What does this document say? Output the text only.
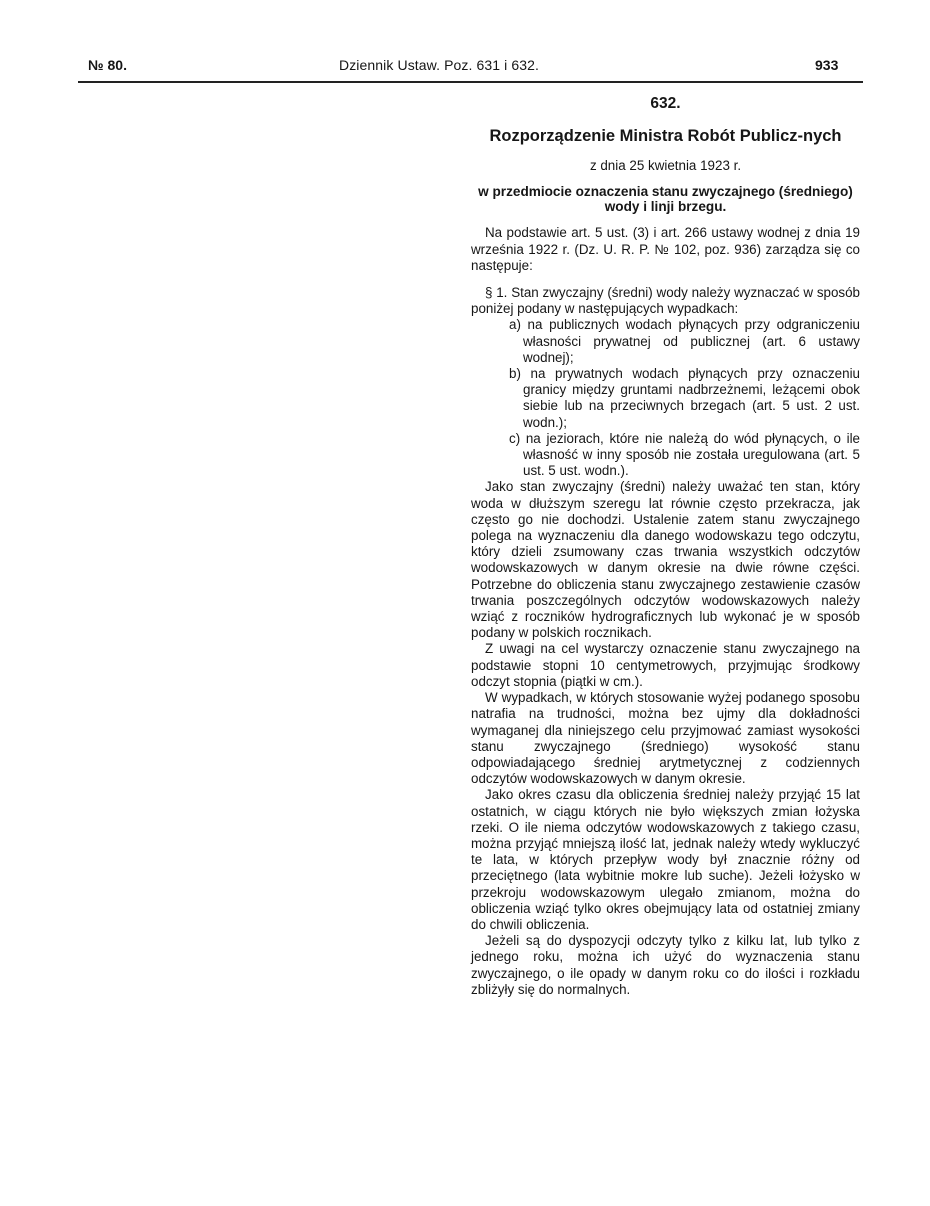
№ 80.	Dziennik Ustaw. Poz. 631 i 632.	933
632.
Rozporządzenie Ministra Robót Publicz-nych
z dnia 25 kwietnia 1923 r.
w przedmiocie oznaczenia stanu zwyczajnego (średniego) wody i linji brzegu.

Na podstawie art. 5 ust. (3) i art. 266 ustawy wodnej z dnia 19 września 1922 r. (Dz. U. R. P. № 102, poz. 936) zarządza się co następuje:

§ 1. Stan zwyczajny (średni) wody należy wyznaczać w sposób poniżej podany w następujących wypadkach:

a) na publicznych wodach płynących przy odgraniczeniu własności prywatnej od publicznej (art. 6 ustawy wodnej);

b) na prywatnych wodach płynących przy oznaczeniu granicy między gruntami nadbrzeżnemi, leżącemi obok siebie lub na przeciwnych brzegach (art. 5 ust. 2 ust. wodn.);

c) na jeziorach, które nie należą do wód płynących, o ile własność w inny sposób nie została uregulowana (art. 5 ust. 5 ust. wodn.).

Jako stan zwyczajny (średni) należy uważać ten stan, który woda w dłuższym szeregu lat równie często przekracza, jak często go nie dochodzi. Ustalenie zatem stanu zwyczajnego polega na wyznaczeniu dla danego wodowskazu tego odczytu, który dzieli zsumowany czas trwania wszystkich odczytów wodowskazowych w danym okresie na dwie równe części. Potrzebne do obliczenia stanu zwyczajnego zestawienie czasów trwania poszczególnych odczytów wodowskazowych należy wziąć z roczników hydrograficznych lub wykonać je w sposób podany w polskich rocznikach.

Z uwagi na cel wystarczy oznaczenie stanu zwyczajnego na podstawie stopni 10 centymetrowych, przyjmując środkowy odczyt stopnia (piątki w cm.).

W wypadkach, w których stosowanie wyżej podanego sposobu natrafia na trudności, można bez ujmy dla dokładności wymaganej dla niniejszego celu przyjmować zamiast wysokości stanu zwyczajnego (średniego) wysokość stanu odpowiadającego średniej arytmetycznej z codziennych odczytów wodowskazowych w danym okresie.

Jako okres czasu dla obliczenia średniej należy przyjąć 15 lat ostatnich, w ciągu których nie było większych zmian łożyska rzeki. O ile niema odczytów wodowskazowych z takiego czasu, można przyjąć mniejszą ilość lat, jednak należy wtedy wykluczyć te lata, w których przepływ wody był znacznie różny od przeciętnego (lata wybitnie mokre lub suche). Jeżeli łożysko w przekroju wodowskazowym ulegało zmianom, można do obliczenia wziąć tylko okres obejmujący lata od ostatniej zmiany do chwili obliczenia.

Jeżeli są do dyspozycji odczyty tylko z kilku lat, lub tylko z jednego roku, można ich użyć do wyznaczenia stanu zwyczajnego, o ile opady w danym roku co do ilości i rozkładu zbliżyły się do normalnych.
